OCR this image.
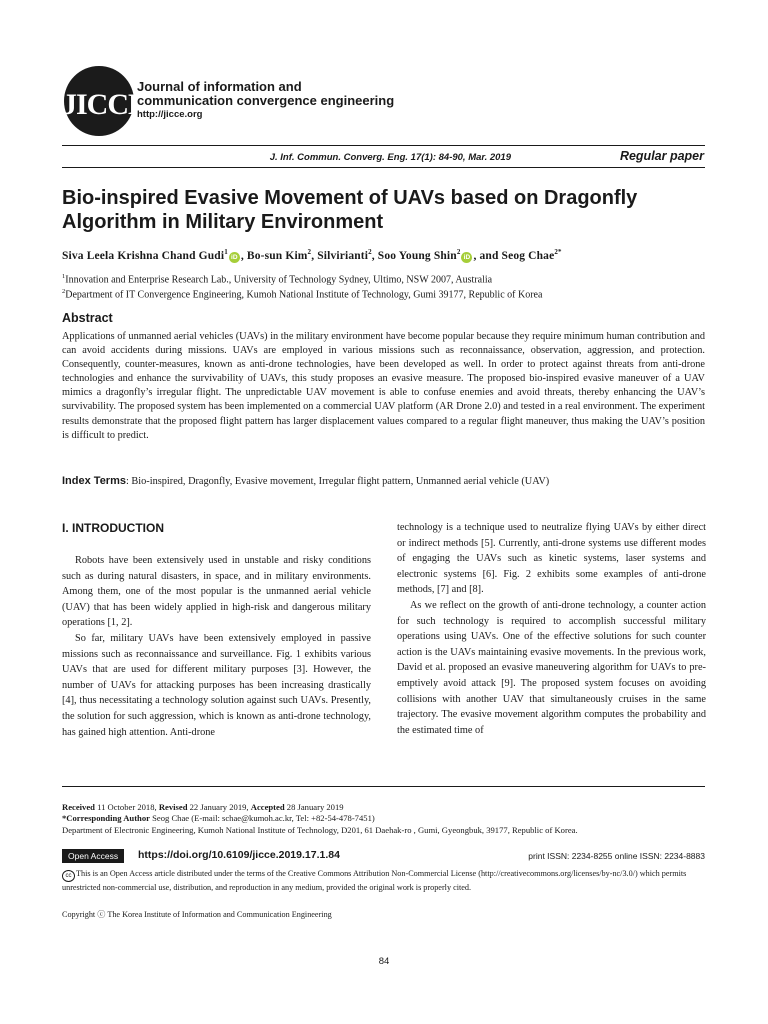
JICCE
Journal of information and
communication convergence engineering
http://jicce.org
J. Inf. Commun. Converg. Eng. 17(1): 84-90, Mar. 2019	Regular paper
Bio-inspired Evasive Movement of UAVs based on Dragonfly
Algorithm in Military Environment
Siva Leela Krishna Chand Gudi$^1$iD , Bo-sun Kim$^2$, Silvirianti$^2$, Soo Young Shin$^2$iD , and Seog Chae$^{2*}$
$^1$Innovation and Enterprise Research Lab., University of Technology Sydney, Ultimo, NSW 2007, Australia
$^2$Department of IT Convergence Engineering, Kumoh National Institute of Technology, Gumi 39177, Republic of Korea
Abstract
Applications of unmanned aerial vehicles (UAVs) in the military environment have become popular because they require minimum human contribution and can avoid accidents during missions. UAVs are employed in various missions such as reconnaissance, observation, aggression, and protection. Consequently, counter-measures, known as anti-drone technologies, have been developed as well. In order to protect against threats from anti-drone technologies and enhance the survivability of UAVs, this study proposes an evasive measure. The proposed bio-inspired evasive maneuver of a UAV mimics a dragonfly’s irregular flight. The unpredictable UAV movement is able to confuse enemies and avoid threats, thereby enhancing the UAV’s survivability. The proposed system has been implemented on a commercial UAV platform (AR Drone 2.0) and tested in a real environment. The experiment results demonstrate that the proposed flight pattern has larger displacement values compared to a regular flight maneuver, thus making the UAV’s position is difficult to predict.
Index Terms: Bio-inspired, Dragonfly, Evasive movement, Irregular flight pattern, Unmanned aerial vehicle (UAV)
I. INTRODUCTION

Robots have been extensively used in unstable and risky conditions such as during natural disasters, in space, and in military environments. Among them, one of the most popular is the unmanned aerial vehicle (UAV) that has been widely applied in high-risk and dangerous military operations [1, 2].

So far, military UAVs have been extensively employed in passive missions such as reconnaissance and surveillance. Fig. 1 exhibits various UAVs that are used for different military purposes [3]. However, the number of UAVs for attacking purposes has been increasing drastically [4], thus necessitating a technology solution against such UAVs. Presently, the solution for such aggression, which is known as anti-drone technology, has gained high attention. Anti-drone

technology is a technique used to neutralize flying UAVs by either direct or indirect methods [5]. Currently, anti-drone systems use different modes of engaging the UAVs such as kinetic systems, laser systems and electronic systems [6]. Fig. 2 exhibits some examples of anti-drone methods, [7] and [8].

As we reflect on the growth of anti-drone technology, a counter action for such technology is required to accomplish successful military operations using UAVs. One of the effective solutions for such counter action is the UAVs maintaining evasive movements. In the previous work, David et al. proposed an evasive maneuvering algorithm for UAVs to pre-emptively avoid attack [9]. The proposed system focuses on avoiding collisions with another UAV that simultaneously cruises in the same trajectory. The evasive movement algorithm computes the probability and the estimated time of

Received 11 October 2018, Revised 22 January 2019, Accepted 28 January 2019
*Corresponding Author Seog Chae (E-mail: schae@kumoh.ac.kr, Tel: +82-54-478-7451)
Department of Electronic Engineering, Kumoh National Institute of Technology, D201, 61 Daehak-ro , Gumi, Gyeongbuk, 39177, Republic of Korea.
Open Access	https://doi.org/10.6109/jicce.2019.17.1.84	print ISSN: 2234-8255 online ISSN: 2234-8883
cc This is an Open Access article distributed under the terms of the Creative Commons Attribution Non-Commercial License (http://creativecommons.org/licenses/by-nc/3.0/) which permits unrestricted non-commercial use, distribution, and reproduction in any medium, provided the original work is properly cited.
Copyright ⓒ The Korea Institute of Information and Communication Engineering
84
